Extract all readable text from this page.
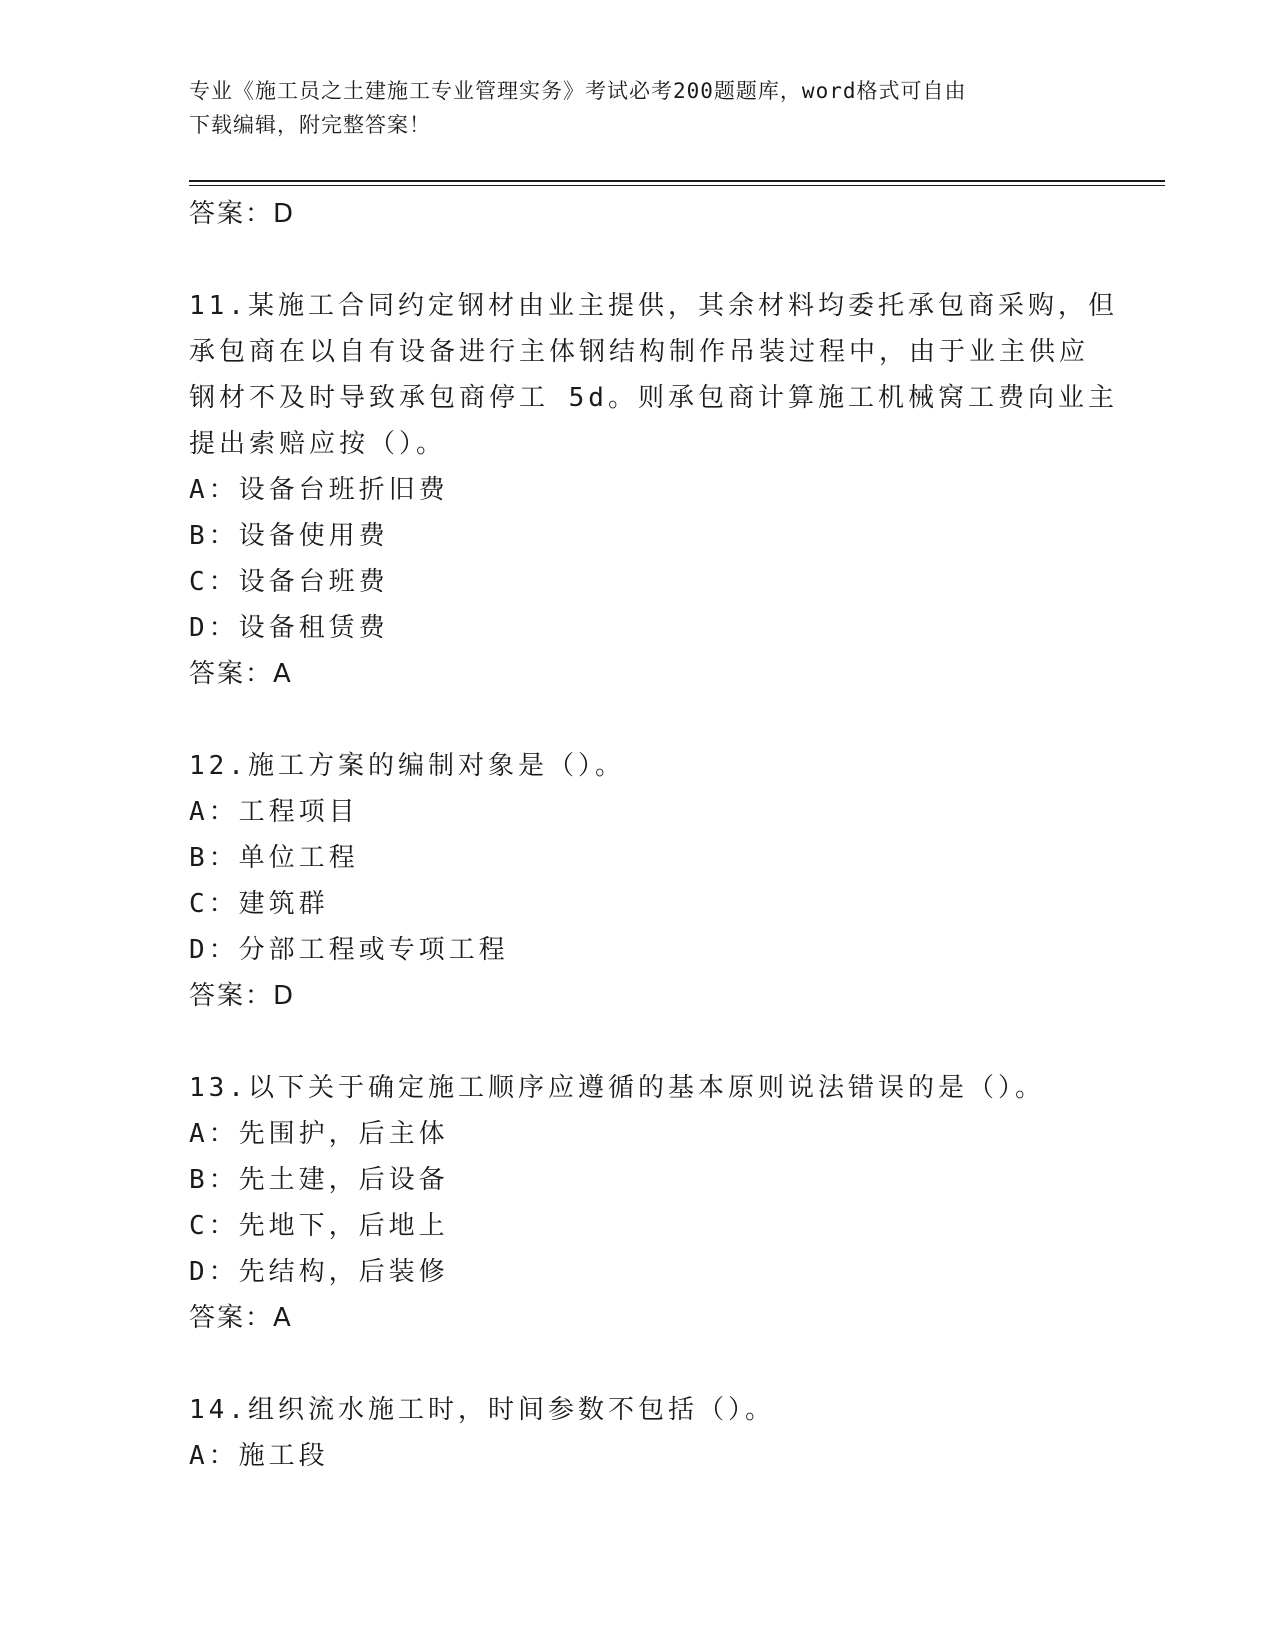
专业《施工员之土建施工专业管理实务》考试必考200题题库，word格式可自由
下载编辑，附完整答案！
答案：D
11.某施工合同约定钢材由业主提供，其余材料均委托承包商采购，但
承包商在以自有设备进行主体钢结构制作吊装过程中，由于业主供应
钢材不及时导致承包商停工 5d。则承包商计算施工机械窝工费向业主
提出索赔应按（）。
A：设备台班折旧费
B：设备使用费
C：设备台班费
D：设备租赁费
答案：A
12.施工方案的编制对象是（）。
A：工程项目
B：单位工程
C：建筑群
D：分部工程或专项工程
答案：D
13.以下关于确定施工顺序应遵循的基本原则说法错误的是（）。
A：先围护，后主体
B：先土建，后设备
C：先地下，后地上
D：先结构，后装修
答案：A
14.组织流水施工时，时间参数不包括（）。
A：施工段
